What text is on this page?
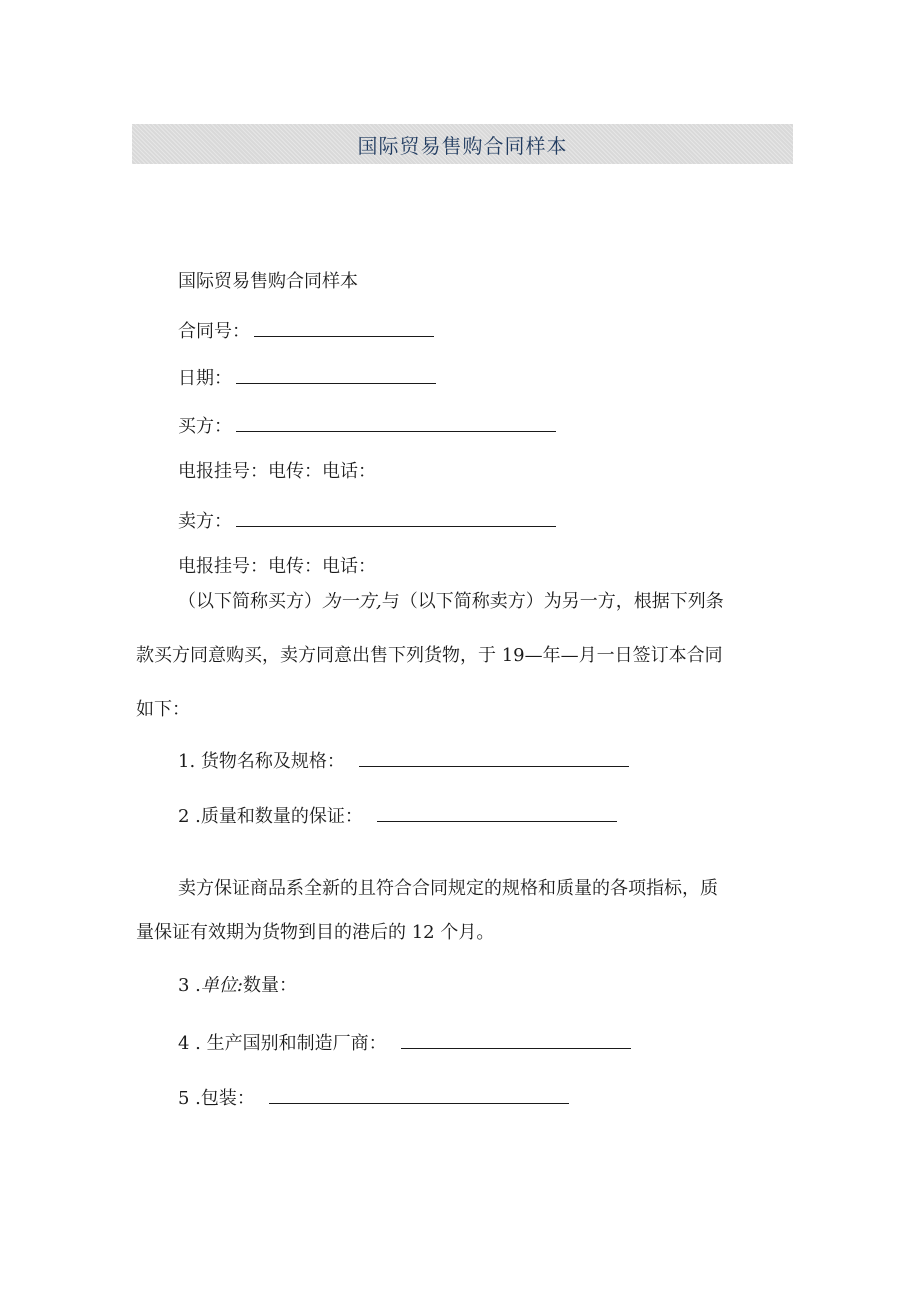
国际贸易售购合同样本
国际贸易售购合同样本
合同号：
日期：
买方：
电报挂号：电传：电话：
卖方：
电报挂号：电传：电话：
（以下简称买方）为一方,与（以下简称卖方）为另一方，根据下列条
款买方同意购买，卖方同意出售下列货物，于 19—年—月一日签订本合同
如下：
1. 货物名称及规格：
2 .质量和数量的保证：
卖方保证商品系全新的且符合合同规定的规格和质量的各项指标，质
量保证有效期为货物到目的港后的 12 个月。
3 .单位:数量：
4 . 生产国别和制造厂商：
5 .包装：
